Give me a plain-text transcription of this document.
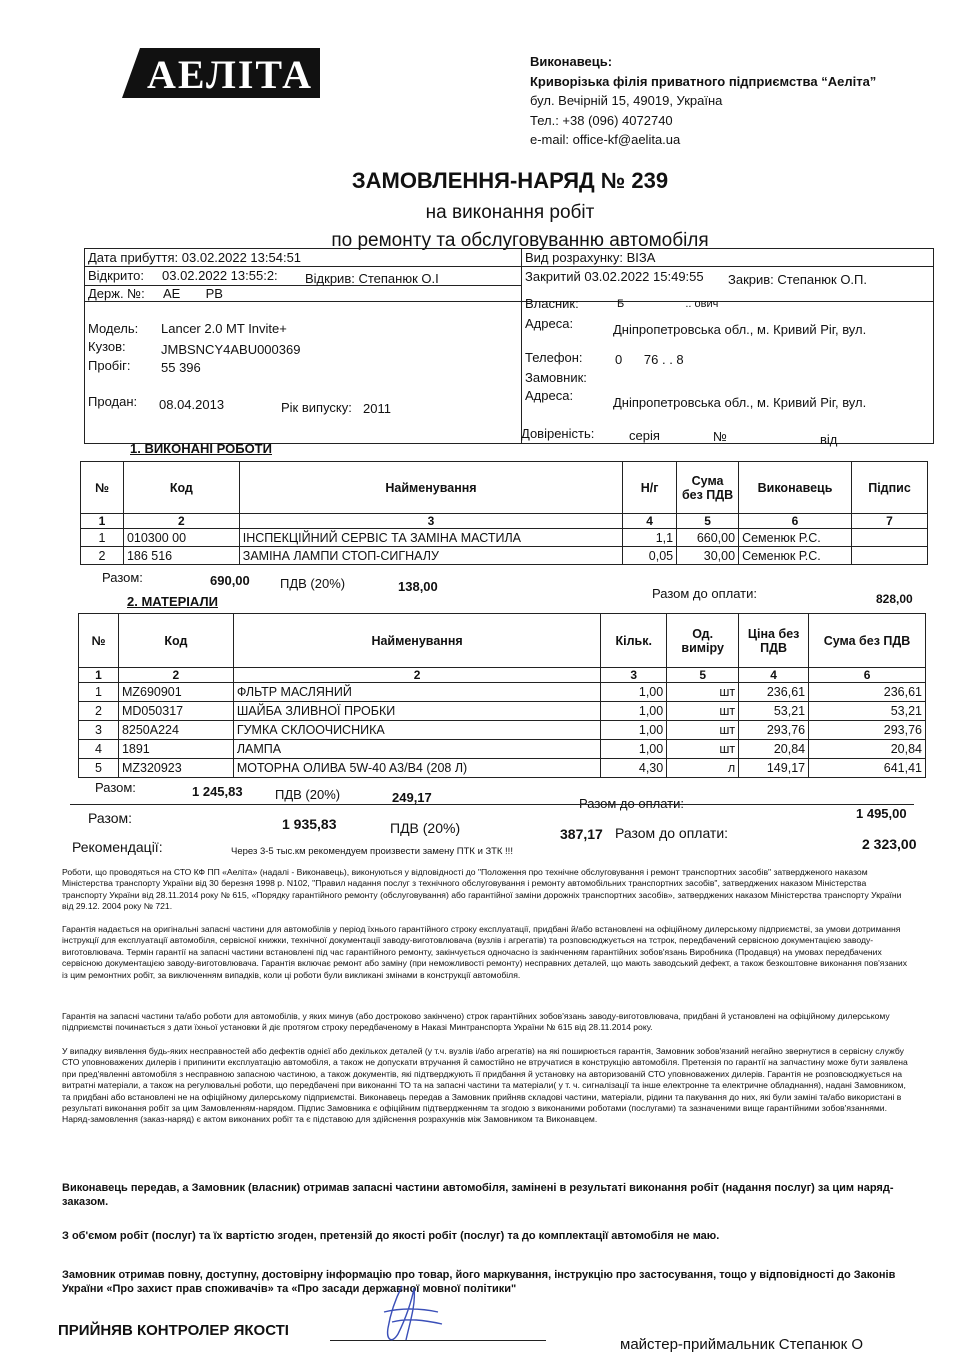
АЕЛІТА	Виконавець:
Криворізька філія приватного підприємства “Аеліта”
бул. Вечірній 15, 49019, Україна
Тел.: +38 (096) 4072740
e-mail: office-kf@aelita.ua
ЗАМОВЛЕННЯ-НАРЯД № 239
на виконання робіт
по ремонту та обслуговуванню автомобіля
Дата прибуття: 03.02.2022 13:54:51
Відкрито: 03.02.2022 13:55:2: Відкрив: Степанюк О.І
Держ. №: АЕ       РВ
Модель: Lancer 2.0 MT Invite+
Кузов:	JMBSNCY4ABU000369
Пробіг: 55 396
Продан: 08.04.2013	Рік випуску: 2011
Вид розрахунку: ВІЗА
Закритий 03.02.2022 15:49:55 Закрив: Степанюк О.П.
Власник:	Б                    .. ович
Адреса:	Дніпропетровська обл., м. Кривий Ріг, вул.
Телефон: 0      76 . . 8
Замовник:
Адреса:	Дніпропетровська обл., м. Кривий Ріг, вул.
Довіреність:	серія	№	від
1. ВИКОНАНІ РОБОТИ
№	Код	Найменування	Н/г	Сума без ПДВ	Виконавець	Підпис
1	2	3	4	5	6	7
1	010300 00	ІНСПЕКЦІЙНИЙ СЕРВІС ТА ЗАМІНА МАСТИЛА	1,1	660,00	Семенюк Р.С.	
2	186 516	ЗАМІНА ЛАМПИ СТОП-СИГНАЛУ	0,05	30,00	Семенюк Р.С.	
Разом:	690,00 ПДВ (20%)	138,00	Разом до оплати:	828,00
2. МАТЕРІАЛИ
№	Код	Найменування	Кільк.	Од. виміру	Ціна без ПДВ	Сума без ПДВ
1	2	2	3	5	4	6
1	MZ690901	ФЛЬТР МАСЛЯНИЙ	1,00	шт	236,61	236,61
2	MD050317	ШАЙБА ЗЛИВНОЇ ПРОБКИ	1,00	шт	53,21	53,21
3	8250A224	ГУМКА СКЛООЧИСНИКА	1,00	шт	293,76	293,76
4	1891	ЛАМПА	1,00	шт	20,84	20,84
5	MZ320923	МОТОРНА ОЛИВА 5W-40 A3/B4 (208 Л)	4,30	л	149,17	641,41
Разом:	1 245,83 ПДВ (20%)	249,17	Разом до оплати:
1 495,00
Разом:	1 935,83	ПДВ (20%)	387,17 Разом до оплати:
2 323,00
Рекомендації:	Через 3-5 тыс.км рекомендуем произвести замену ПТК и ЗТК !!!
Роботи, що проводяться на СТО КФ ПП «Аеліта» (надалі - Виконавець), виконуються у відповідності до "Положення про технічне обслуговування і ремонт транспортних засобів" затвердженого наказом Міністерства транспорту України від 30 березня 1998 р. N102, "Правил надання послуг з технічного обслуговування і ремонту автомобільних транспортних засобів", затверджених наказом Міністерства транспорту України від 28.11.2014 року № 615, «Порядку гарантійного ремонту (обслуговування) або гарантійної заміни дорожніх транспортних засобів», затверджених наказом Міністерства транспорту України від 29.12. 2004 року № 721.
Гарантія надається на оригінальні запасні частини для автомобілів у період їхнього гарантійного строку експлуатації, придбані й/або встановлені на офіційному дилерському підприємстві, за умови дотримання інструкції для експлуатації автомобіля, сервісної книжки, технічної документації заводу-виготовлювача (вузлів і агрегатів) та розповсюджується на тстрок, передбачений сервісною документацією заводу-виготовлювача. Термін гарантії на запасні частини встановлені під час гарантійного ремонту, закінчується одночасно із закінченням гарантійних зобов'язань Виробника (Продавця) на умовах передбачених сервісною документацією заводу-виготовлювача. Гарантія включає ремонт або заміну (при неможливості ремонту) несправних деталей, що мають заводський дефект, а також безкоштовне виконання пов'язаних із цим ремонтних робіт, за виключенням випадків, коли ці роботи були викликані змінами в конструкції автомобіля.
Гарантія на запасні частини та/або роботи для автомобілів, у яких минув (або достроково закінчено) строк гарантійних зобов'язань заводу-виготовлювача, придбані й установлені на офіційному дилерському підприємстві починається з дати їхньої установки й діє протягом строку передбаченому в Наказі Минтранспорта України № 615 від 28.11.2014 року.
У випадку виявлення будь-яких несправностей або дефектів однієї або декількох деталей (у т.ч. вузлів і/або агрегатів) на які поширюється гарантія, Замовник зобов'язаний негайно звернутися в сервісну службу СТО уповноважених дилерів і припинити експлуатацію автомобіля, а також не допускати втручання й самостійно не втручатися в конструкцію автомобіля. Претензія по гарантії на запчастину може бути заявлена при пред'явленні автомобіля з несправною запасною частиною, а також документів, які підтверджують її придбання й установку на авторизованій СТО уповноважених дилерів. Гарантія не розповсюджується на витратні матеріали, а також на регулювальні роботи, що передбачені при виконанні ТО та на запасні частини та матеріали( у т. ч. сигналізації та інше електронне та електричне обладнання), надані Замовником, та придбані або встановлені не на офіційному дилерському підприємстві. Виконавець передав а Замовник прийняв складові частини, матеріали, рідини та пакування до них, які були заміні та/або використані в результаті виконання робіт за цим Замовленням-нарядом. Підпис Замовника є офіційним підтвердженням та згодою з виконаними роботами (послугами) та зазначеними вище гарантійними зобов'язаннями. Наряд-замовлення (заказ-наряд) є актом виконаних робіт та є підставою для здійснення розрахунків між Замовником та Виконавцем.
Виконавець передав, а Замовник (власник) отримав запасні частини автомобіля, замінені в результаті виконання робіт (надання послуг) за цим наряд-заказом.
З об'ємом робіт (послуг) та їх вартістю згоден, претензій до якості робіт (послуг) та до комплектації автомобіля не маю.
Замовник отримав повну, доступну, достовірну інформацію про товар, його маркування, інструкцію про застосування, тощо у відповідності до Законів України «Про захист прав споживачів» та «Про засади державної мовної політики"
ПРИЙНЯВ КОНТРОЛЕР ЯКОСТІ
майстер-приймальник Степанюк О
